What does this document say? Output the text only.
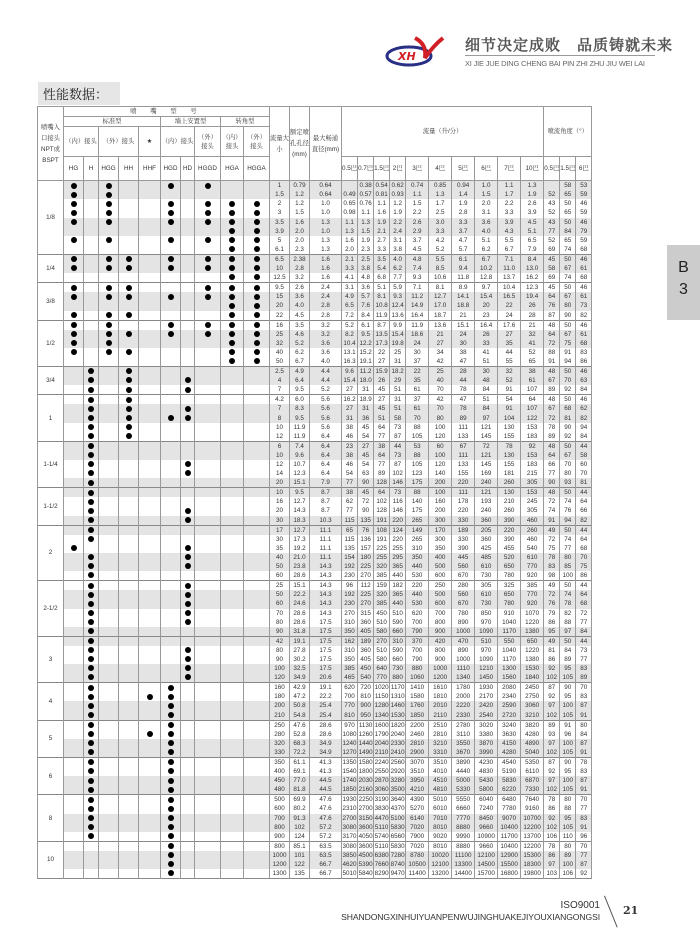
XH
细节决定成败　品质铸就未来
XI JIE JUE DING CHENG BAI PIN ZHI ZHU JIU WEI LAI
性能数据：
B
3
喷嘴入口接头NPT或BSPT	喷 嘴 型 号										流量大小	额定喷孔孔径(mm)	最大畅通直径(mm)	流量（升/分）										喷流角度（°）		
	标准型					墙上安置型			转角型																	
	（内）接头		（外）接头		★	（内）接头		（外）接头	（内）接头	（外）接头																
	HG	H	HGG	HH	HHF	HGD	HD	HGGD	HGA	HGGA				0.5巴	0.7巴	1.5巴	2巴	3巴	4巴	5巴	6巴	7巴	10巴	0.5巴	1.5巴	6巴
1/8											1	0.79	0.64		0.38	0.54	0.62	0.74	0.85	0.94	1.0	1.1	1.3		58	53
											1.5	1.2	0.64	0.49	0.57	0.81	0.93	1.1	1.3	1.4	1.5	1.7	1.9	52	65	59
											2	1.2	1.0	0.65	0.76	1.1	1.2	1.5	1.7	1.9	2.0	2.2	2.6	43	50	46
											3	1.5	1.0	0.98	1.1	1.6	1.9	2.2	2.5	2.8	3.1	3.3	3.9	52	65	59
											3.5	1.6	1.3	1.1	1.3	1.9	2.2	2.6	3.0	3.3	3.6	3.9	4.5	43	50	46
											3.9	2.0	1.0	1.3	1.5	2.1	2.4	2.9	3.3	3.7	4.0	4.3	5.1	77	84	79
											5	2.0	1.3	1.6	1.9	2.7	3.1	3.7	4.2	4.7	5.1	5.5	6.5	52	65	59
											6.1	2.3	1.3	2.0	2.3	3.3	3.8	4.5	5.2	5.7	6.2	6.7	7.9	69	74	68
1/4											6.5	2.38	1.6	2.1	2.5	3.5	4.0	4.8	5.5	6.1	6.7	7.1	8.4	45	50	46
											10	2.8	1.6	3.3	3.8	5.4	6.2	7.4	8.5	9.4	10.2	11.0	13.0	58	67	61
											12.5	3.2	1.6	4.1	4.8	6.8	7.7	9.3	10.6	11.8	12.8	13.7	16.2	69	74	68
3/8											9.5	2.6	2.4	3.1	3.6	5.1	5.9	7.1	8.1	8.9	9.7	10.4	12.3	45	50	46
											15	3.6	2.4	4.9	5.7	8.1	9.3	11.2	12.7	14.1	15.4	16.5	19.4	64	67	61
											20	4.0	2.8	6.5	7.6	10.8	12.4	14.9	17.0	18.8	20	22	26	76	80	73
											22	4.5	2.8	7.2	8.4	11.9	13.6	16.4	18.7	21	23	24	28	87	90	82
1/2											16	3.5	3.2	5.2	6.1	8.7	9.9	11.9	13.6	15.1	16.4	17.6	21	48	50	46
											25	4.6	3.2	8.2	9.5	13.5	15.4	18.6	21	24	26	27	32	64	67	61
											32	5.2	3.6	10.4	12.2	17.3	19.8	24	27	30	33	35	41	72	75	68
											40	6.2	3.6	13.1	15.2	22	25	30	34	38	41	44	52	88	91	83
											50	6.7	4.0	16.3	19.1	27	31	37	42	47	51	55	65	91	94	86
3/4											2.5	4.9	4.4	9.6	11.2	15.9	18.2	22	25	28	30	32	38	48	50	46
											4	6.4	4.4	15.4	18.0	26	29	35	40	44	48	52	61	67	70	63
											7	9.5	5.2	27	31	45	51	61	70	78	84	91	107	89	92	84
1											4.2	6.0	5.6	16.2	18.9	27	31	37	42	47	51	54	64	48	50	46
											7	8.3	5.6	27	31	45	51	61	70	78	84	91	107	67	68	62
											8	9.5	5.6	31	36	51	58	70	80	89	97	104	122	72	81	82
											10	11.9	5.6	38	45	64	73	88	100	111	121	130	153	78	90	94
											12	11.9	6.4	46	54	77	87	105	120	133	145	155	183	89	92	84
1-1/4											6	7.4	6.4	23	27	38	44	53	60	67	72	78	92	48	50	44
											10	9.6	6.4	38	45	64	73	88	100	111	121	130	153	64	67	58
											12	10.7	6.4	46	54	77	87	105	120	133	145	155	183	66	70	60
											14	12.3	6.4	54	63	89	102	123	140	155	169	181	215	77	80	70
											20	15.1	7.9	77	90	128	146	175	200	220	240	260	305	90	93	81
1-1/2											10	9.5	8.7	38	45	64	73	88	100	111	121	130	153	48	50	44
											16	12.7	8.7	62	72	102	116	140	160	178	193	210	245	72	74	64
											20	14.3	8.7	77	90	128	146	175	200	220	240	260	305	74	76	66
											30	18.3	10.3	115	135	191	220	265	300	330	360	390	460	91	94	82
2											17	12.7	11.1	65	76	108	124	149	170	189	205	220	260	49	50	44
											30	17.3	11.1	115	136	191	220	265	300	330	360	390	460	72	74	64
											35	19.2	11.1	135	157	225	255	310	350	390	425	455	540	75	77	68
											40	21.0	11.1	154	180	255	295	350	400	445	485	520	610	78	80	70
											50	23.8	14.3	192	225	320	365	440	500	560	610	650	770	83	85	75
											60	28.6	14.3	230	270	385	440	530	600	670	730	780	920	98	100	86
2-1/2											25	15.1	14.3	96	112	159	182	220	250	280	305	325	385	49	50	44
											50	22.2	14.3	192	225	320	365	440	500	560	610	650	770	72	74	64
											60	24.6	14.3	230	270	385	440	530	600	670	730	780	920	76	78	68
											70	28.6	14.3	270	315	450	510	620	700	780	850	910	1070	79	82	72
											80	28.6	17.5	310	360	510	590	700	800	890	970	1040	1220	86	88	77
											90	31.8	17.5	350	405	580	660	790	900	1000	1090	1170	1380	95	97	84
3											42	19.1	17.5	162	189	270	310	370	420	470	510	550	650	49	50	44
											80	27.8	17.5	310	360	510	590	700	800	890	970	1040	1220	81	84	73
											90	30.2	17.5	350	405	580	660	790	900	1000	1090	1170	1380	86	89	77
											100	32.5	17.5	385	450	640	730	880	1000	1110	1210	1300	1530	92	95	83
											120	34.9	20.6	465	540	770	880	1060	1200	1340	1450	1560	1840	102	105	89
4											160	42.9	19.1	620	720	1020	1170	1410	1610	1780	1930	2080	2450	87	90	70
											180	47.2	22.2	700	810	1150	1310	1580	1810	2000	2170	2340	2750	92	95	83
											200	50.8	25.4	770	900	1280	1460	1760	2010	2220	2420	2590	3060	97	100	87
											210	54.8	25.4	810	950	1340	1530	1850	2110	2330	2540	2720	3210	102	105	91
5											250	47.6	28.6	970	1130	1600	1820	2200	2510	2780	3020	3240	3820	89	91	80
											280	52.8	28.6	1080	1260	1790	2040	2460	2810	3110	3380	3630	4280	93	96	84
											320	68.3	34.9	1240	1440	2040	2330	2810	3210	3550	3870	4150	4890	97	100	87
											330	72.2	34.9	1270	1490	2110	2410	2900	3310	3670	3990	4280	5040	102	105	91
6											350	61.1	41.3	1350	1580	2240	2560	3070	3510	3890	4230	4540	5350	87	90	78
											400	69.1	41.3	1540	1800	2550	2920	3510	4010	4440	4830	5190	6110	92	95	83
											450	77.0	44.5	1740	2030	2870	3280	3950	4510	5000	5430	5830	6870	97	100	87
											480	81.8	44.5	1850	2160	3060	3500	4210	4810	5330	5800	6220	7330	102	105	91
8											500	69.9	47.6	1930	2250	3190	3640	4390	5010	5550	6040	6480	7640	78	80	70
											600	80.2	47.6	2310	2700	3830	4370	5270	6010	6660	7240	7780	9160	86	88	77
											700	91.3	47.6	2700	3150	4470	5100	6140	7010	7770	8450	9070	10700	92	95	83
											800	102	57.2	3080	3600	5110	5830	7020	8010	8880	9660	10400	12200	102	105	91
											900	124	57.2	3170	4050	5740	6560	7900	9020	9990	10900	11700	13700	106	110	96
10											800	85.1	63.5	3080	3600	5110	5830	7020	8010	8880	9660	10400	12200	78	80	70
											1000	101	63.5	3850	4500	6380	7280	8780	10020	11100	12100	12900	15300	86	89	77
											1200	122	66.7	4620	5390	7660	8740	10500	12100	13300	14500	15500	18300	97	100	87
											1300	135	66.7	5010	5840	8290	9470	11400	13200	14400	15700	16800	19800	103	106	92
ISO9001
SHANDONGXINHUIYUANPENWUJINGHUAKEJIYOUXIANGONGSI 21
